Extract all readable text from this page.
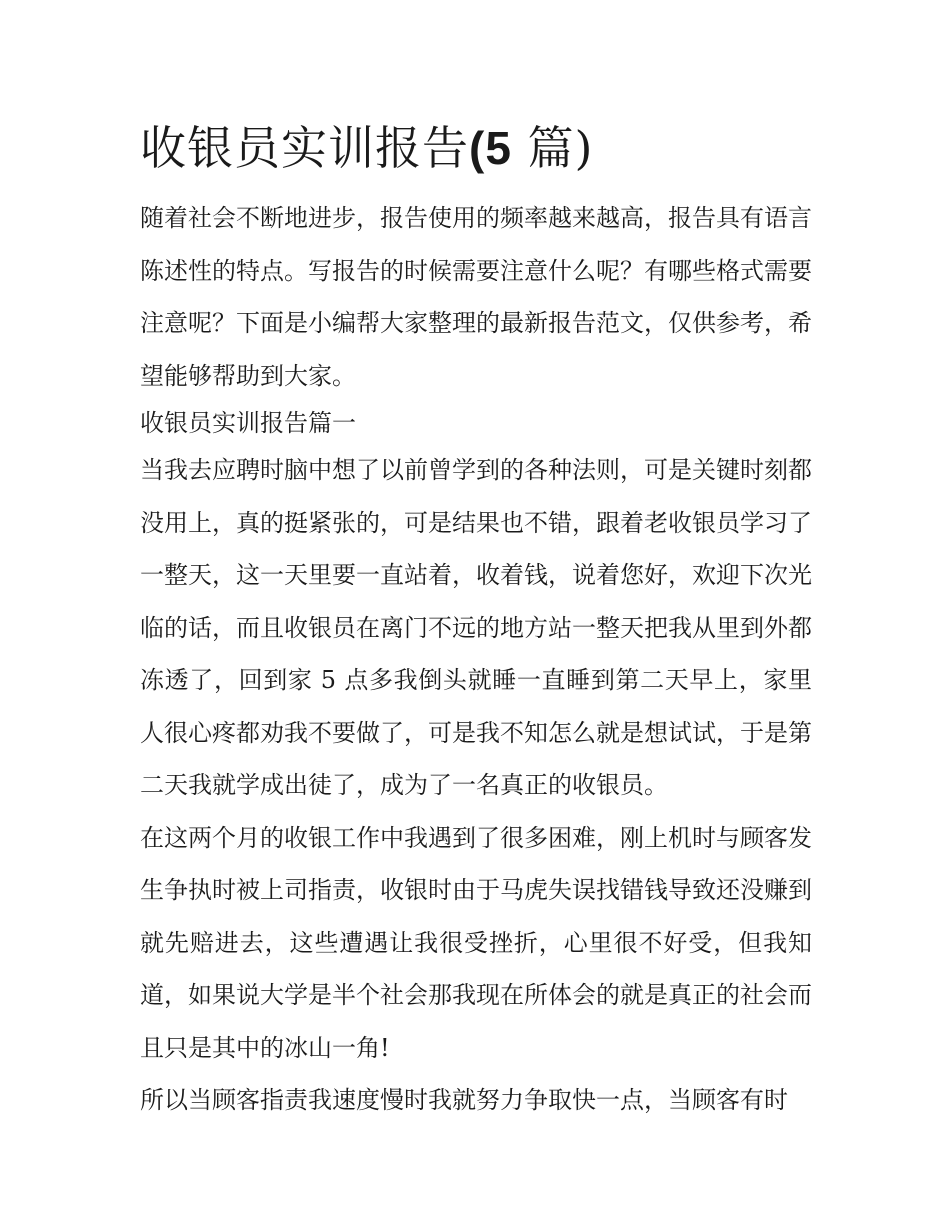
收银员实训报告(5 篇)

随着社会不断地进步，报告使用的频率越来越高，报告具有语言陈述性的特点。写报告的时候需要注意什么呢？有哪些格式需要注意呢？下面是小编帮大家整理的最新报告范文，仅供参考，希望能够帮助到大家。

收银员实训报告篇一

当我去应聘时脑中想了以前曾学到的各种法则，可是关键时刻都没用上，真的挺紧张的，可是结果也不错，跟着老收银员学习了一整天，这一天里要一直站着，收着钱，说着您好，欢迎下次光临的话，而且收银员在离门不远的地方站一整天把我从里到外都冻透了，回到家 5 点多我倒头就睡一直睡到第二天早上，家里人很心疼都劝我不要做了，可是我不知怎么就是想试试，于是第二天我就学成出徒了，成为了一名真正的收银员。

在这两个月的收银工作中我遇到了很多困难，刚上机时与顾客发生争执时被上司指责，收银时由于马虎失误找错钱导致还没赚到就先赔进去，这些遭遇让我很受挫折，心里很不好受，但我知道，如果说大学是半个社会那我现在所体会的就是真正的社会而且只是其中的冰山一角!

所以当顾客指责我速度慢时我就努力争取快一点，当顾客有时
